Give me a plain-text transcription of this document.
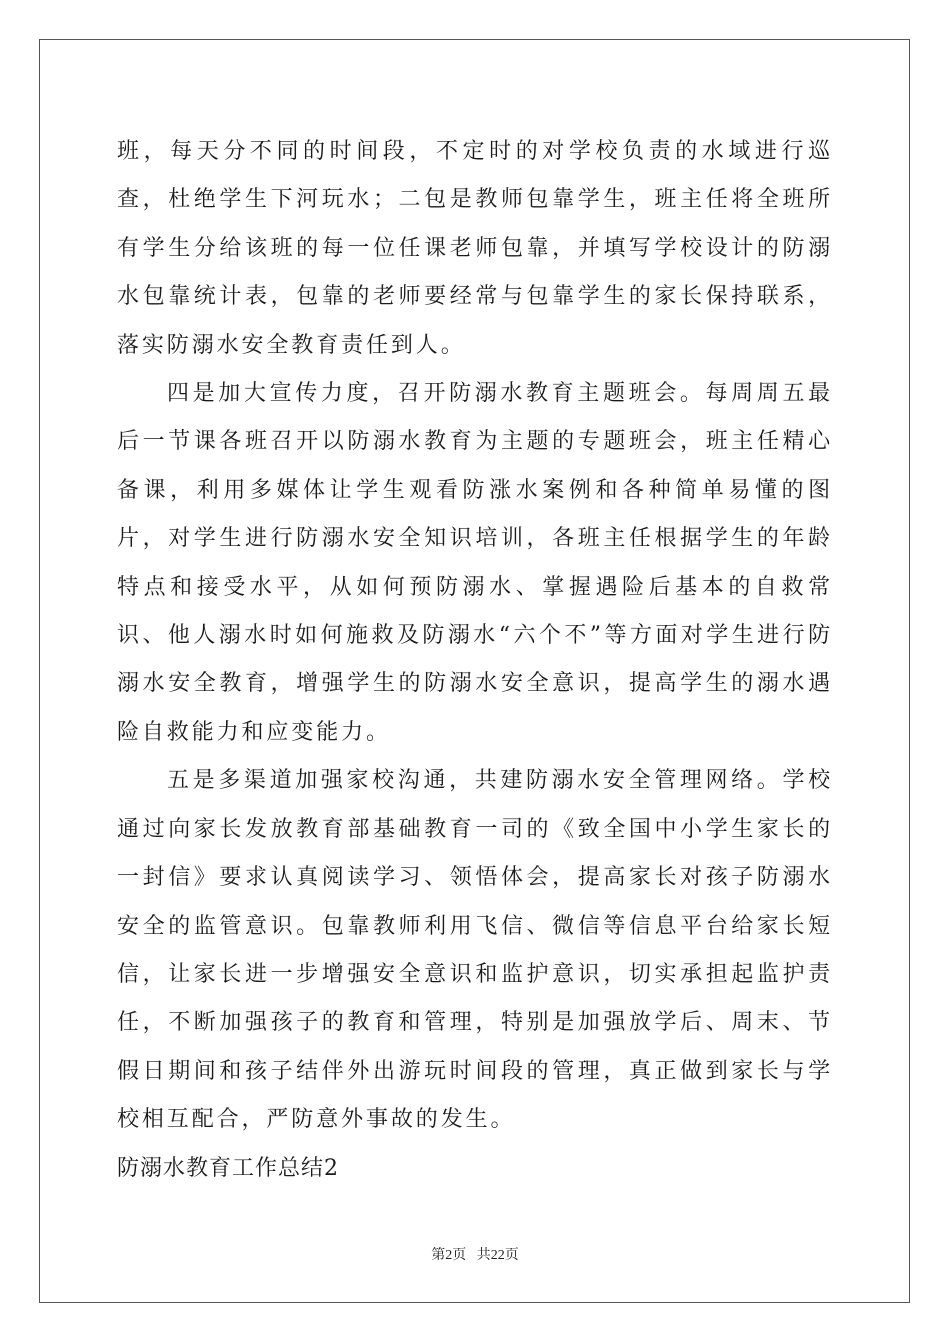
班，每天分不同的时间段，不定时的对学校负责的水域进行巡查，杜绝学生下河玩水；二包是教师包靠学生，班主任将全班所有学生分给该班的每一位任课老师包靠，并填写学校设计的防溺水包靠统计表，包靠的老师要经常与包靠学生的家长保持联系，落实防溺水安全教育责任到人。

四是加大宣传力度，召开防溺水教育主题班会。每周周五最后一节课各班召开以防溺水教育为主题的专题班会，班主任精心备课，利用多媒体让学生观看防涨水案例和各种简单易懂的图片，对学生进行防溺水安全知识培训，各班主任根据学生的年龄特点和接受水平，从如何预防溺水、掌握遇险后基本的自救常识、他人溺水时如何施救及防溺水“六个不”等方面对学生进行防溺水安全教育，增强学生的防溺水安全意识，提高学生的溺水遇险自救能力和应变能力。

五是多渠道加强家校沟通，共建防溺水安全管理网络。学校通过向家长发放教育部基础教育一司的《致全国中小学生家长的一封信》要求认真阅读学习、领悟体会，提高家长对孩子防溺水安全的监管意识。包靠教师利用飞信、微信等信息平台给家长短信，让家长进一步增强安全意识和监护意识，切实承担起监护责任，不断加强孩子的教育和管理，特别是加强放学后、周末、节假日期间和孩子结伴外出游玩时间段的管理，真正做到家长与学校相互配合，严防意外事故的发生。

防溺水教育工作总结2

第2页 共22页
